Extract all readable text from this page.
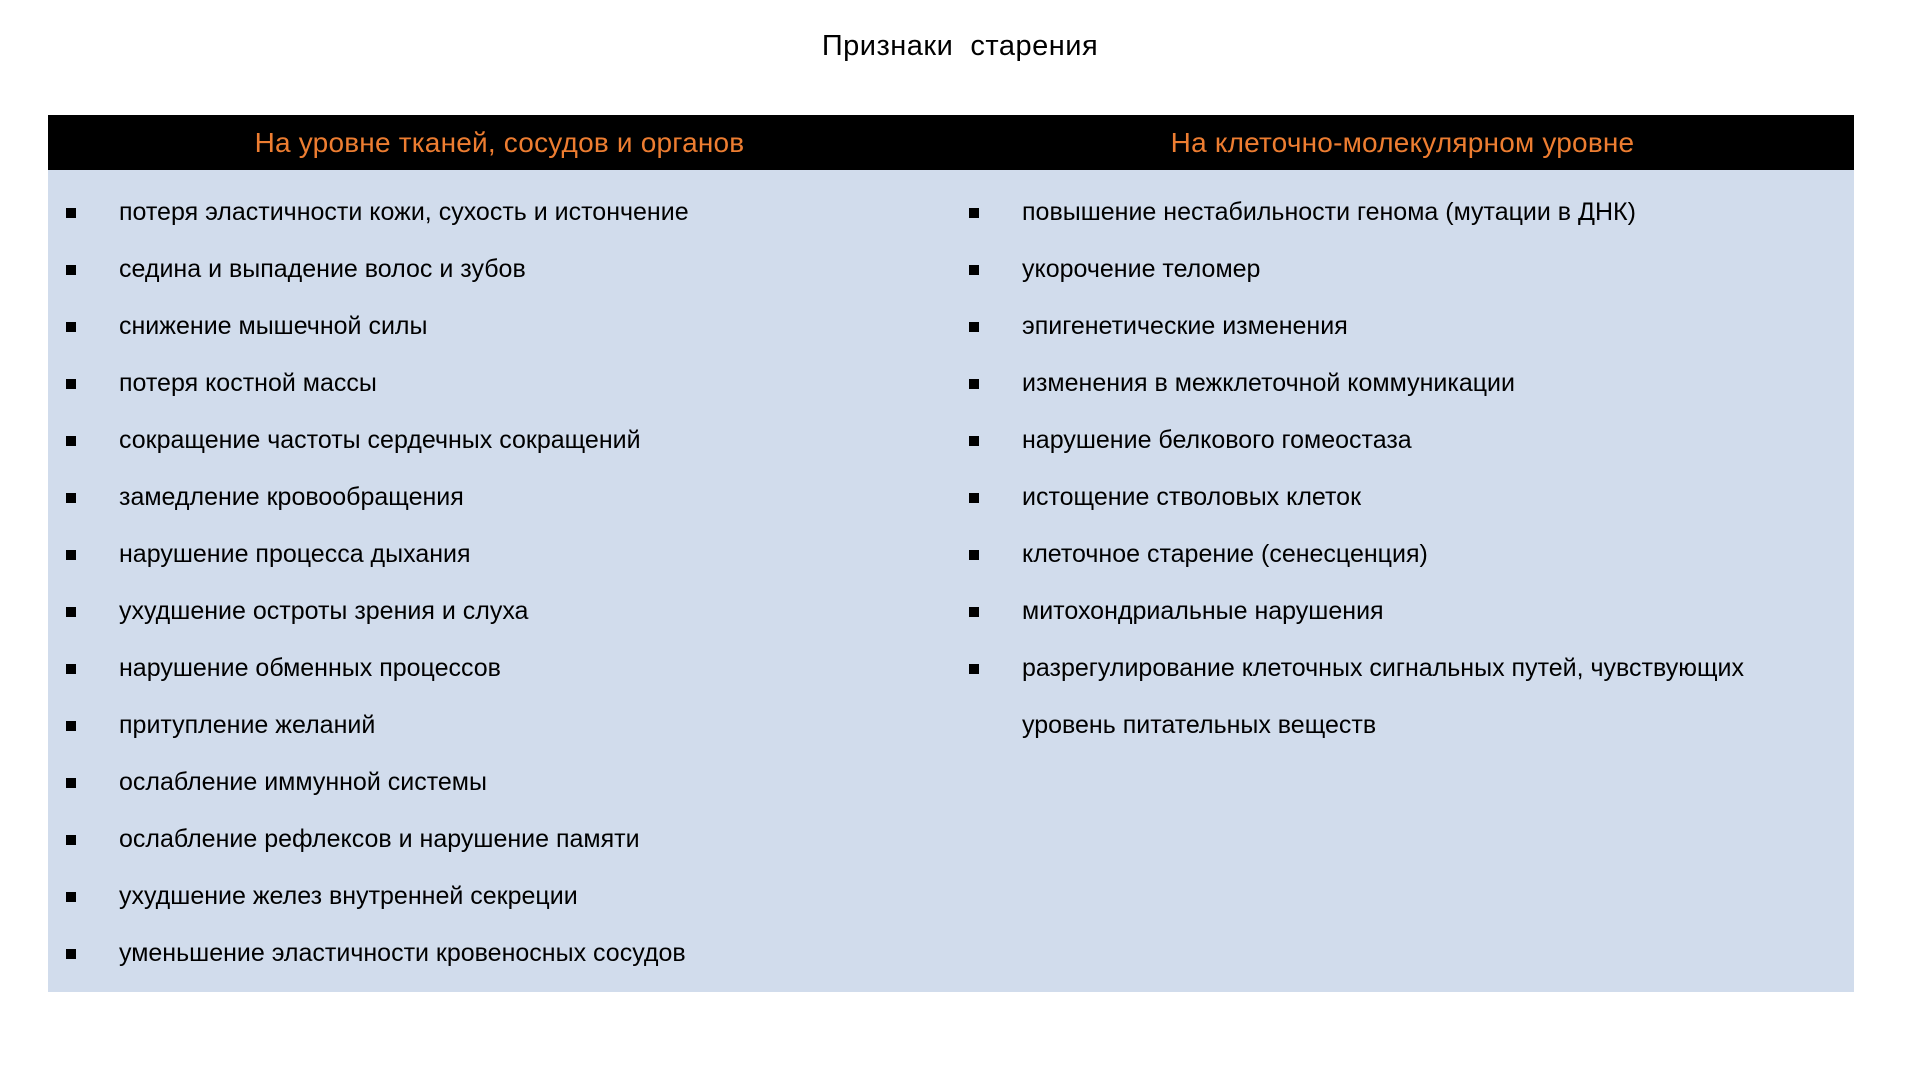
Признаки  старения
На уровне тканей, сосудов и органов	На клеточно-молекулярном уровне
потеря эластичности кожи, сухость и истончение
седина и выпадение волос и зубов
снижение мышечной силы
потеря костной массы
сокращение частоты сердечных сокращений
замедление кровообращения
нарушение процесса дыхания
ухудшение остроты зрения и слуха
нарушение обменных процессов
притупление желаний
ослабление иммунной системы
ослабление рефлексов и нарушение памяти
ухудшение желез внутренней секреции
уменьшение эластичности кровеносных сосудов
повышение нестабильности генома (мутации в ДНК)
укорочение теломер
эпигенетические изменения
изменения в межклеточной коммуникации
нарушение белкового гомеостаза
истощение стволовых клеток
клеточное старение (сенесценция)
митохондриальные нарушения
разрегулирование клеточных сигнальных путей, чувствующих уровень питательных веществ
